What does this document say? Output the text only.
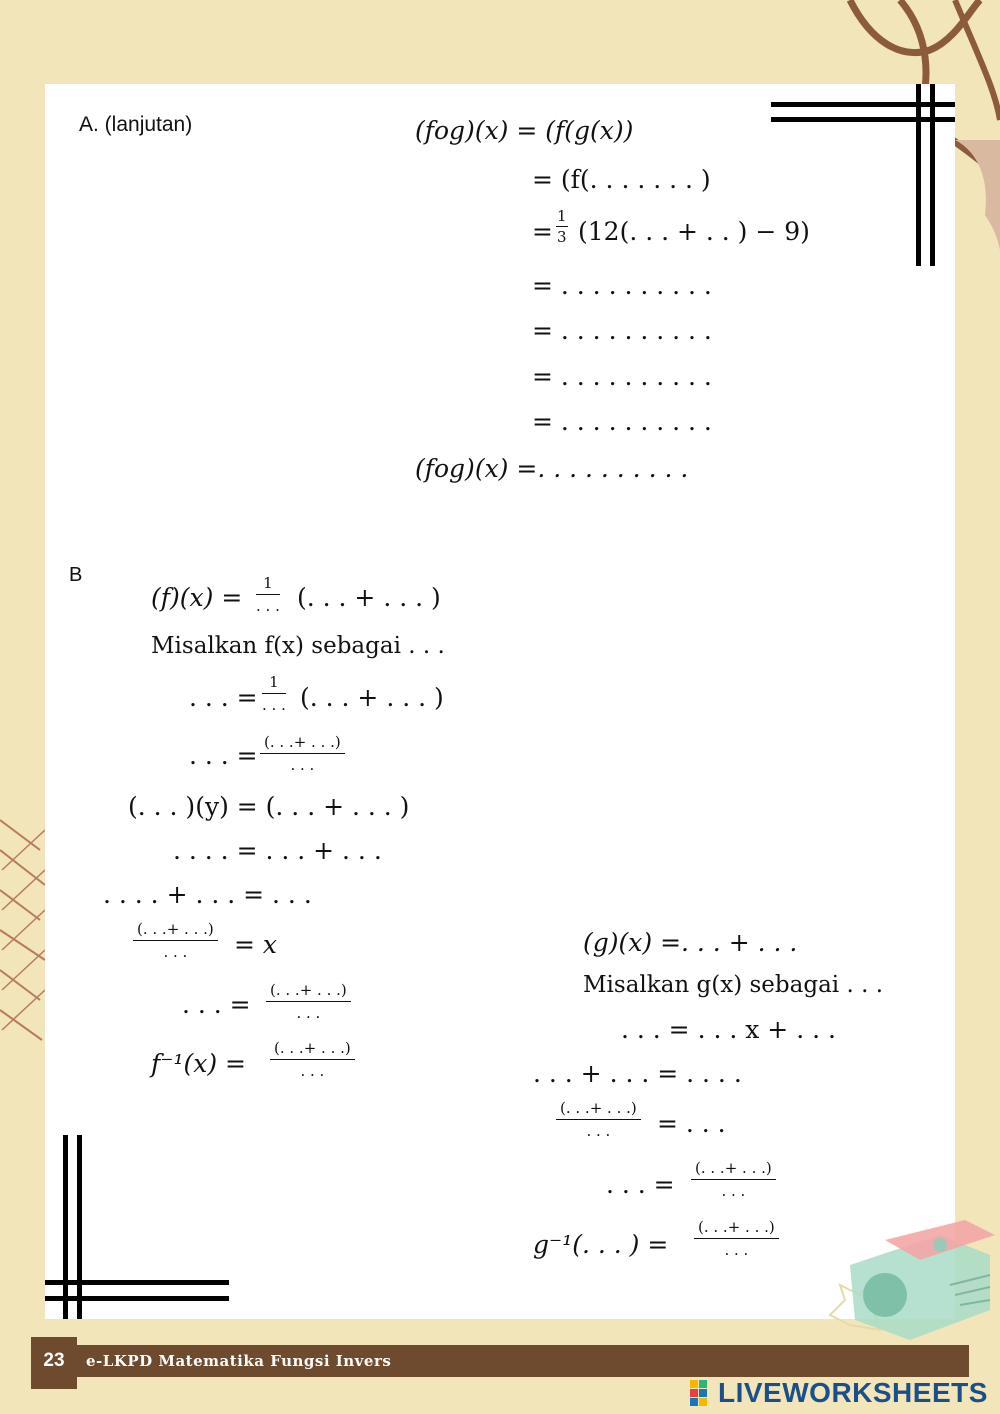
A. (lanjutan)	(fog)(x) = (f(g(x))
= (f(. . . . . . . )
= $\frac{1}{3} (12$(. . . + . . ) − 9)
= . . . . . . . . . .
= . . . . . . . . . .
= . . . . . . . . . .
= . . . . . . . . . .
(fog)(x) =. . . . . . . . . .
B
(f)(x) =	1
. . . (. . . + . . . )
Misalkan f(x) sebagai . . .
. . . =
1
. . . (. . . + . . . )
. . . = (. . .+ . . .)
. . .
(. . . )(y) = (. . . + . . . )
. . . . = . . . + . . .
. . . . + . . . = . . .
(. . .+ . . .)
. . .	= x
. . . = (. . .+ . . .)
. . .
f⁻¹(x) =
(. . .+ . . .)
. . .
(g)(x) =. . . + . . .
Misalkan g(x) sebagai . . .
. . . = . . . x + . . .
. . . + . . . = . . . .
(. . .+ . . .)
. . .	= . . .
. . . =
(. . .+ . . .)
. . .
g⁻¹(. . . ) =
(. . .+ . . .)
. . .
23	e-LKPD Matematika Fungsi Invers
LIVEWORKSHEETS
